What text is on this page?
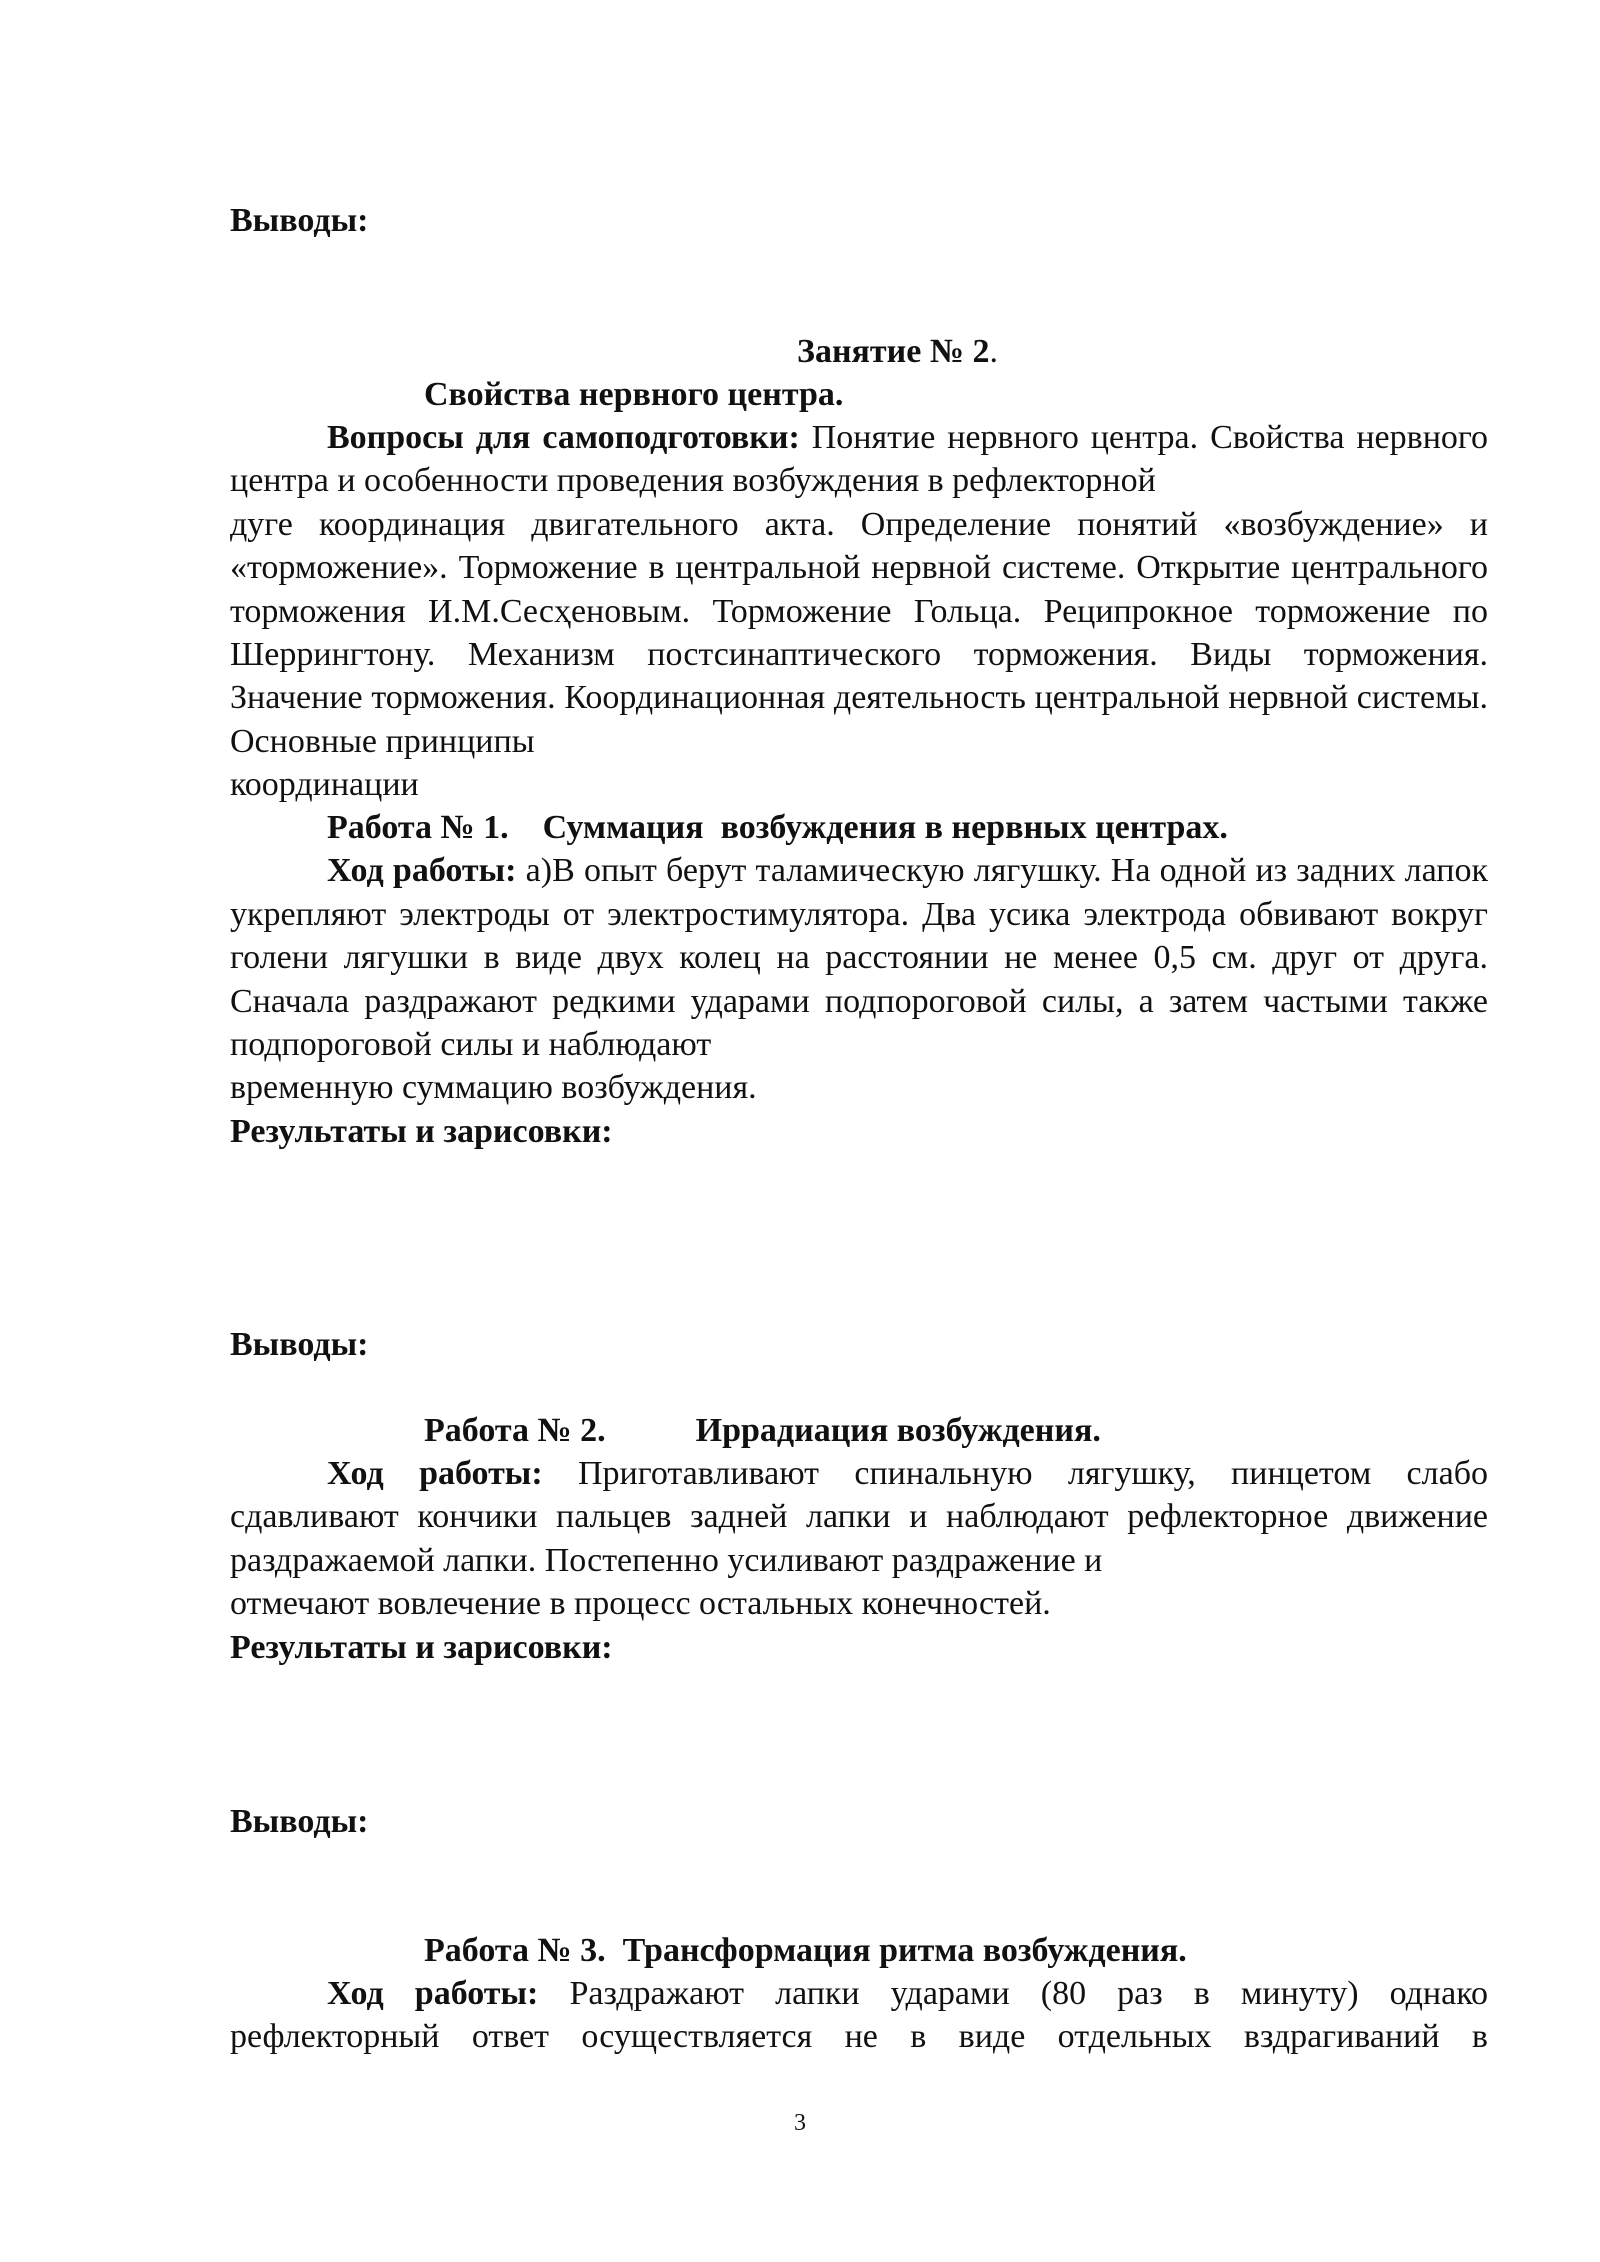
Выводы:
Занятие № 2.
Свойства нервного центра.
Вопросы для самоподготовки: Понятие нервного центра. Свойства нервного центра и особенности проведения возбуждения в рефлекторной
дуге координация двигательного акта. Определение понятий «возбуждение» и «торможение». Торможение в центральной нервной системе. Открытие центрального торможения И.М.Сесҳеновым. Торможение Гольца. Реципрокное торможение по Шеррингтону. Механизм постсинаптического торможения. Виды торможения. Значение торможения. Координационная деятельность центральной нервной системы. Основные принципы
координации
Работа № 1.    Суммация  возбуждения в нервных центрах.
Ход работы: а)В опыт берут таламическую лягушку. На одной из задних лапок укрепляют электроды от электростимулятора. Два усика электрода обвивают вокруг голени лягушки в виде двух колец на расстоянии не менее 0,5 см. друг от друга. Сначала раздражают редкими ударами подпороговой силы, а затем частыми также подпороговой силы и наблюдают
временную суммацию возбуждения.
Результаты и зарисовки:
Выводы:
Работа № 2.	Иррадиация возбуждения.
Ход работы: Приготавливают спинальную лягушку, пинцетом слабо сдавливают кончики пальцев задней лапки и наблюдают рефлекторное движение раздражаемой лапки. Постепенно усиливают раздражение и
отмечают вовлечение в процесс остальных конечностей.
Результаты и зарисовки:
Выводы:
Работа № 3.  Трансформация ритма возбуждения.
Ход работы: Раздражают лапки ударами (80 раз в минуту) однако рефлекторный ответ осуществляется не в виде отдельных вздрагиваний в
3
